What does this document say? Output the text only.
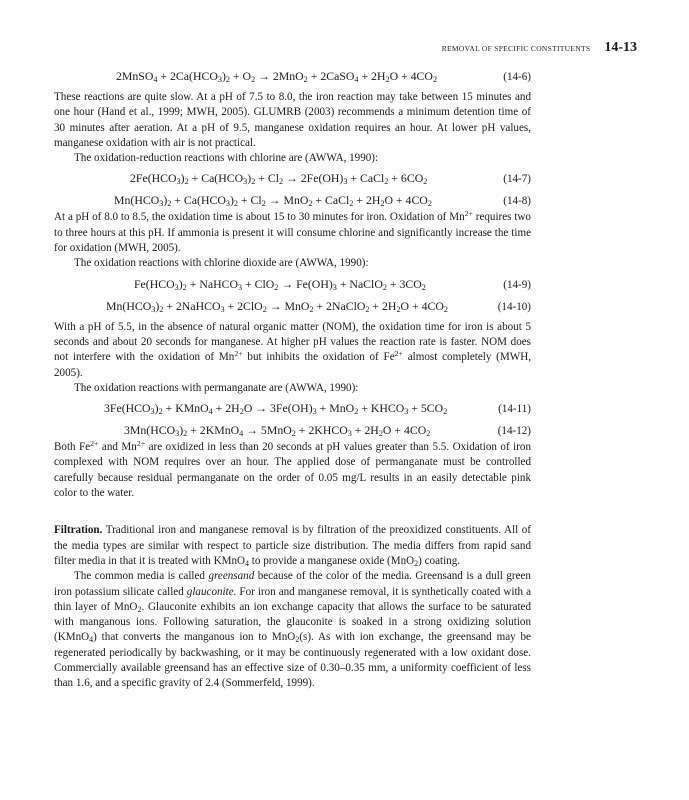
REMOVAL OF SPECIFIC CONSTITUENTS 14-13
2MnSO$_4$ + $2Ca(HCO_3)_2 + O_2 \to 2MnO_2$ + 2CaSO$_4$ + $2H_2O + 4CO_2$	(14-6)

These reactions are quite slow. At a pH of 7.5 to 8.0, the iron reaction may take between 15 minutes and one hour (Hand et al., 1999; MWH, 2005). GLUMRB (2003) recommends a minimum detention time of 30 minutes after aeration. At a pH of 9.5, manganese oxidation requires an hour. At lower pH values, manganese oxidation with air is not practical.

The oxidation-reduction reactions with chlorine are (AWWA, 1990):

$2Fe(HCO_3)_2 + Ca(HCO_3)_2 + Cl_2 \to 2Fe(OH)_3$ + CaCl$_2$ + $6CO_2$	(14-7)
$Mn(HCO_3)_2 + Ca(HCO_3)_2 + Cl_2 \to MnO_2$ + CaCl$_2$ + $2H_2O + 4CO_2$	(14-8)

At a pH of 8.0 to 8.5, the oxidation time is about 15 to 30 minutes for iron. Oxidation of $Mn^{2+}$ requires two to three hours at this pH. If ammonia is present it will consume chlorine and significantly increase the time for oxidation (MWH, 2005).

The oxidation reactions with chlorine dioxide are (AWWA, 1990):

$Fe(HCO_3)_2$ + NaHCO$_3$ + $ClO_2 \to Fe(OH)_3$ + NaClO$_2$ + $3CO_2$	(14-9)
$Mn(HCO_3)_2$ + 2NaHCO$_3$ + 2ClO$_2$ → MnO$_2$ + 2NaClO$_2$ + $2H_2O + 4CO_2$	(14-10)

With a pH of 5.5, in the absence of natural organic matter (NOM), the oxidation time for iron is about 5 seconds and about 20 seconds for manganese. At higher pH values the reaction rate is faster. NOM does not interfere with the oxidation of $Mn^{2+}$ but inhibits the oxidation of $Fe^{2+}$ almost completely (MWH, 2005).

The oxidation reactions with permanganate are (AWWA, 1990):

$3Fe(HCO_3)_2$ + KMnO$_4$ + $2H_2O \to 3Fe(OH)_3 + MnO_2$ + $KHCO_3 + 5CO_2$	(14-11)
$3Mn(HCO_3)_2$ + 2KMnO$_4$ → $5MnO_2 + 2KHCO_3 + 2H_2O + 4CO_2$	(14-12)

Both $Fe^{2+}$ and $Mn^{2+}$ are oxidized in less than 20 seconds at pH values greater than 5.5. Oxidation of iron complexed with NOM requires over an hour. The applied dose of permanganate must be controlled carefully because residual permanganate on the order of 0.05 mg/L results in an easily detectable pink color to the water.

Filtration. Traditional iron and manganese removal is by filtration of the preoxidized constituents. All of the media types are similar with respect to particle size distribution. The media differs from rapid sand filter media in that it is treated with KMnO$_4$ to provide a manganese oxide (MnO$_2$) coating.

The common media is called greensand because of the color of the media. Greensand is a dull green iron potassium silicate called glauconite. For iron and manganese removal, it is synthetically coated with a thin layer of MnO$_2$. Glauconite exhibits an ion exchange capacity that allows the surface to be saturated with manganous ions. Following saturation, the glauconite is soaked in a strong oxidizing solution (KMnO$_4$) that converts the manganous ion to MnO$_2$(s). As with ion exchange, the greensand may be regenerated periodically by backwashing, or it may be continuously regenerated with a low oxidant dose. Commercially available greensand has an effective size of 0.30–0.35 mm, a uniformity coefficient of less than 1.6, and a specific gravity of 2.4 (Sommerfeld, 1999).
